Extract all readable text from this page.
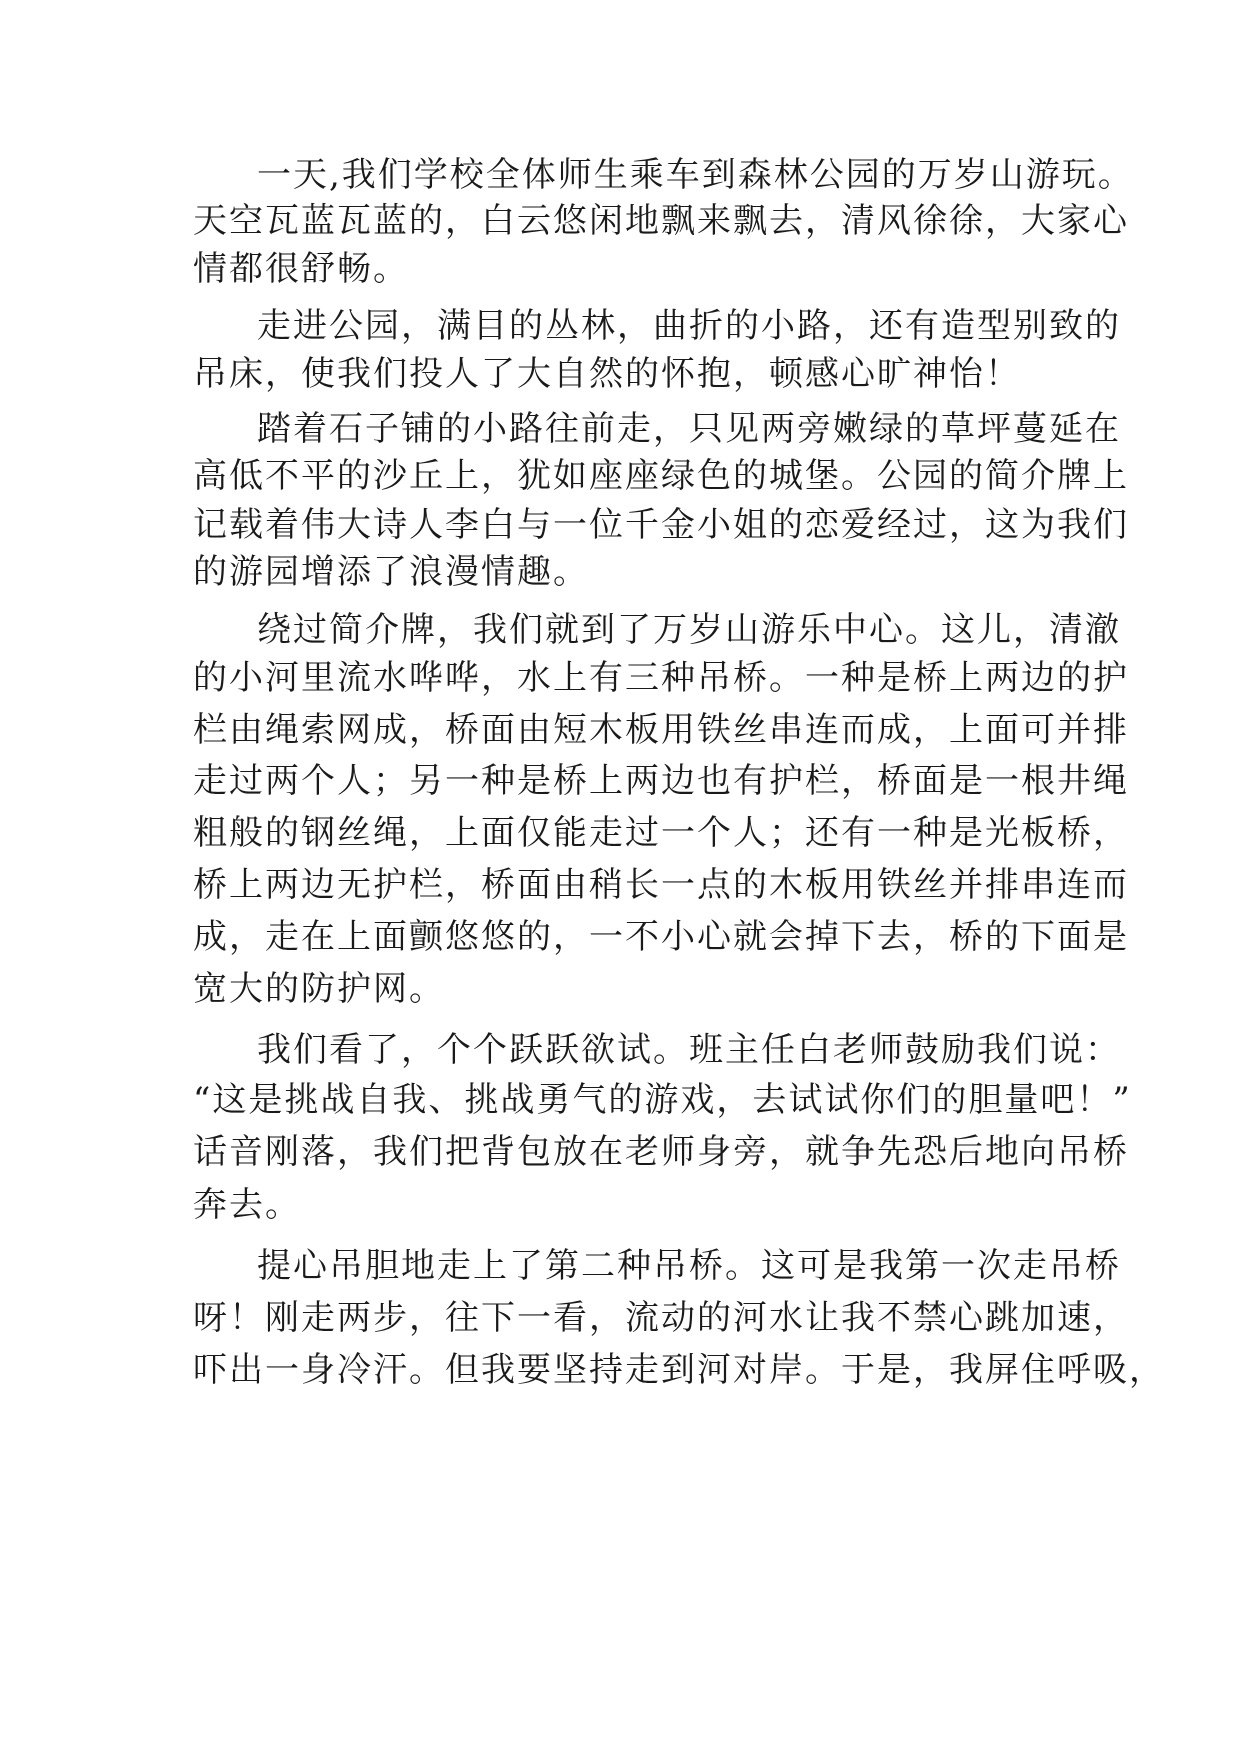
一天,我们学校全体师生乘车到森林公园的万岁山游玩。
天空瓦蓝瓦蓝的，白云悠闲地飘来飘去，清风徐徐，大家心
情都很舒畅。
走进公园，满目的丛林，曲折的小路，还有造型别致的
吊床，使我们投人了大自然的怀抱，顿感心旷神怡！
踏着石子铺的小路往前走，只见两旁嫩绿的草坪蔓延在
高低不平的沙丘上，犹如座座绿色的城堡。公园的简介牌上
记载着伟大诗人李白与一位千金小姐的恋爱经过，这为我们
的游园增添了浪漫情趣。
绕过简介牌，我们就到了万岁山游乐中心。这儿，清澈
的小河里流水哗哗，水上有三种吊桥。一种是桥上两边的护
栏由绳索网成，桥面由短木板用铁丝串连而成，上面可并排
走过两个人；另一种是桥上两边也有护栏，桥面是一根井绳
粗般的钢丝绳，上面仅能走过一个人；还有一种是光板桥，
桥上两边无护栏，桥面由稍长一点的木板用铁丝并排串连而
成，走在上面颤悠悠的，一不小心就会掉下去，桥的下面是
宽大的防护网。
我们看了，个个跃跃欲试。班主任白老师鼓励我们说：
“这是挑战自我、挑战勇气的游戏，去试试你们的胆量吧！”
话音刚落，我们把背包放在老师身旁，就争先恐后地向吊桥
奔去。
提心吊胆地走上了第二种吊桥。这可是我第一次走吊桥
呀！刚走两步，往下一看，流动的河水让我不禁心跳加速，
吓出一身冷汗。但我要坚持走到河对岸。于是，我屏住呼吸，
